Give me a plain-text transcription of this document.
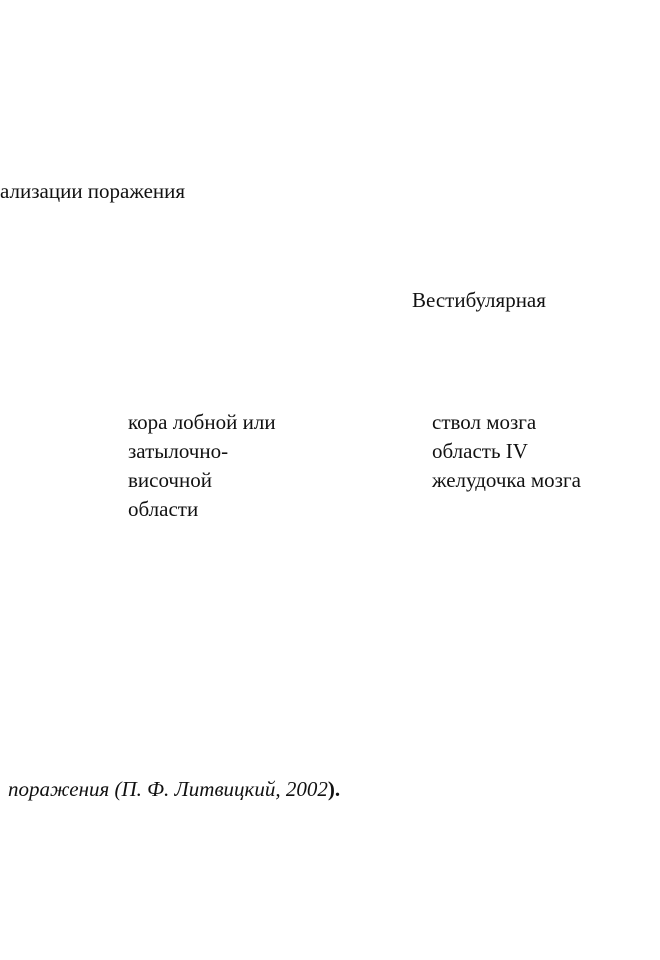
ализации поражения
Вестибулярная
кора лобной или
затылочно-
височной
области
ствол мозга
область IV
желудочка мозга
поражения (П. Ф. Литвицкий, 2002).
